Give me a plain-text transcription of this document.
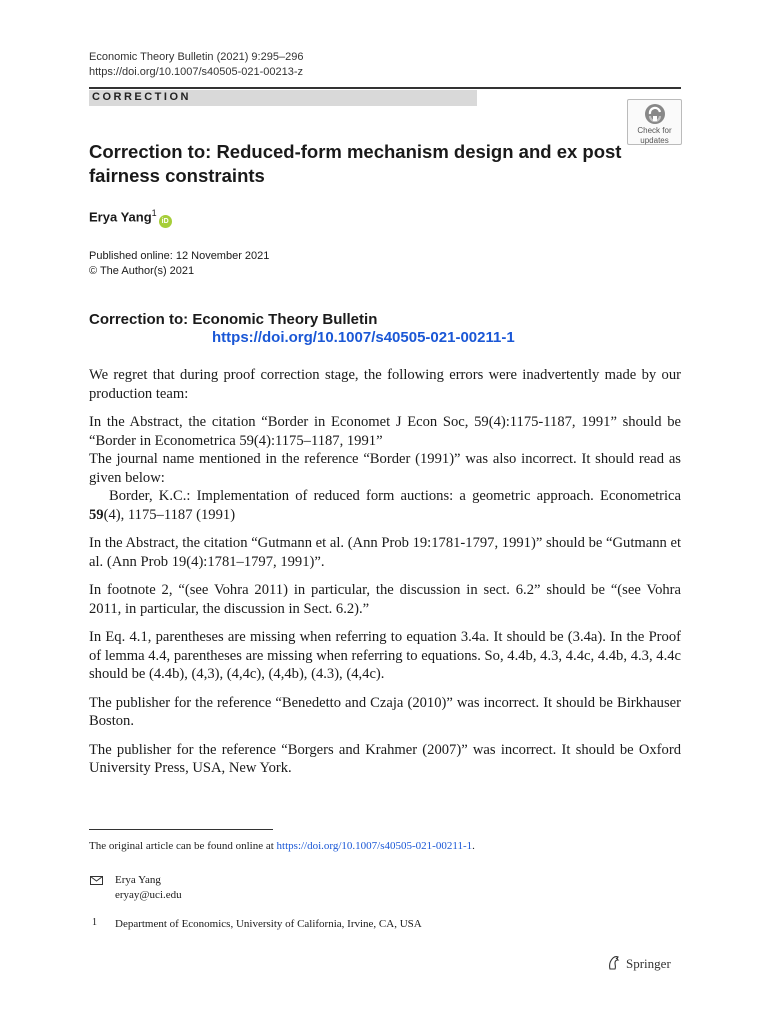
Economic Theory Bulletin (2021) 9:295–296
https://doi.org/10.1007/s40505-021-00213-z
CORRECTION
Check for
updates
Correction to: Reduced-form mechanism design and ex post fairness constraints
Erya Yang$^1$iD
Published online: 12 November 2021
© The Author(s) 2021
Correction to: Economic Theory Bulletin
https://doi.org/10.1007/s40505-021-00211-1

We regret that during proof correction stage, the following errors were inadvertently made by our production team:

In the Abstract, the citation “Border in Economet J Econ Soc, 59(4):1175-1187, 1991” should be “Border in Econometrica 59(4):1175–1187, 1991”

The journal name mentioned in the reference “Border (1991)” was also incorrect. It should read as given below:

Border, K.C.: Implementation of reduced form auctions: a geometric approach. Econometrica 59(4), 1175–1187 (1991)

In the Abstract, the citation “Gutmann et al. (Ann Prob 19:1781-1797, 1991)” should be “Gutmann et al. (Ann Prob 19(4):1781–1797, 1991)”.

In footnote 2, “(see Vohra 2011) in particular, the discussion in sect. 6.2” should be “(see Vohra 2011, in particular, the discussion in Sect. 6.2).”

In Eq. 4.1, parentheses are missing when referring to equation 3.4a. It should be (3.4a). In the Proof of lemma 4.4, parentheses are missing when referring to equations. So, 4.4b, 4.3, 4.4c, 4.4b, 4.3, 4.4c should be (4.4b), (4,3), (4,4c), (4,4b), (4.3), (4,4c).

The publisher for the reference “Benedetto and Czaja (2010)” was incorrect. It should be Birkhauser Boston.

The publisher for the reference “Borgers and Krahmer (2007)” was incorrect. It should be Oxford University Press, USA, New York.

The original article can be found online at https://doi.org/10.1007/s40505-021-00211-1.
Erya Yang
eryay@uci.edu
1 Department of Economics, University of California, Irvine, CA, USA
Springer
